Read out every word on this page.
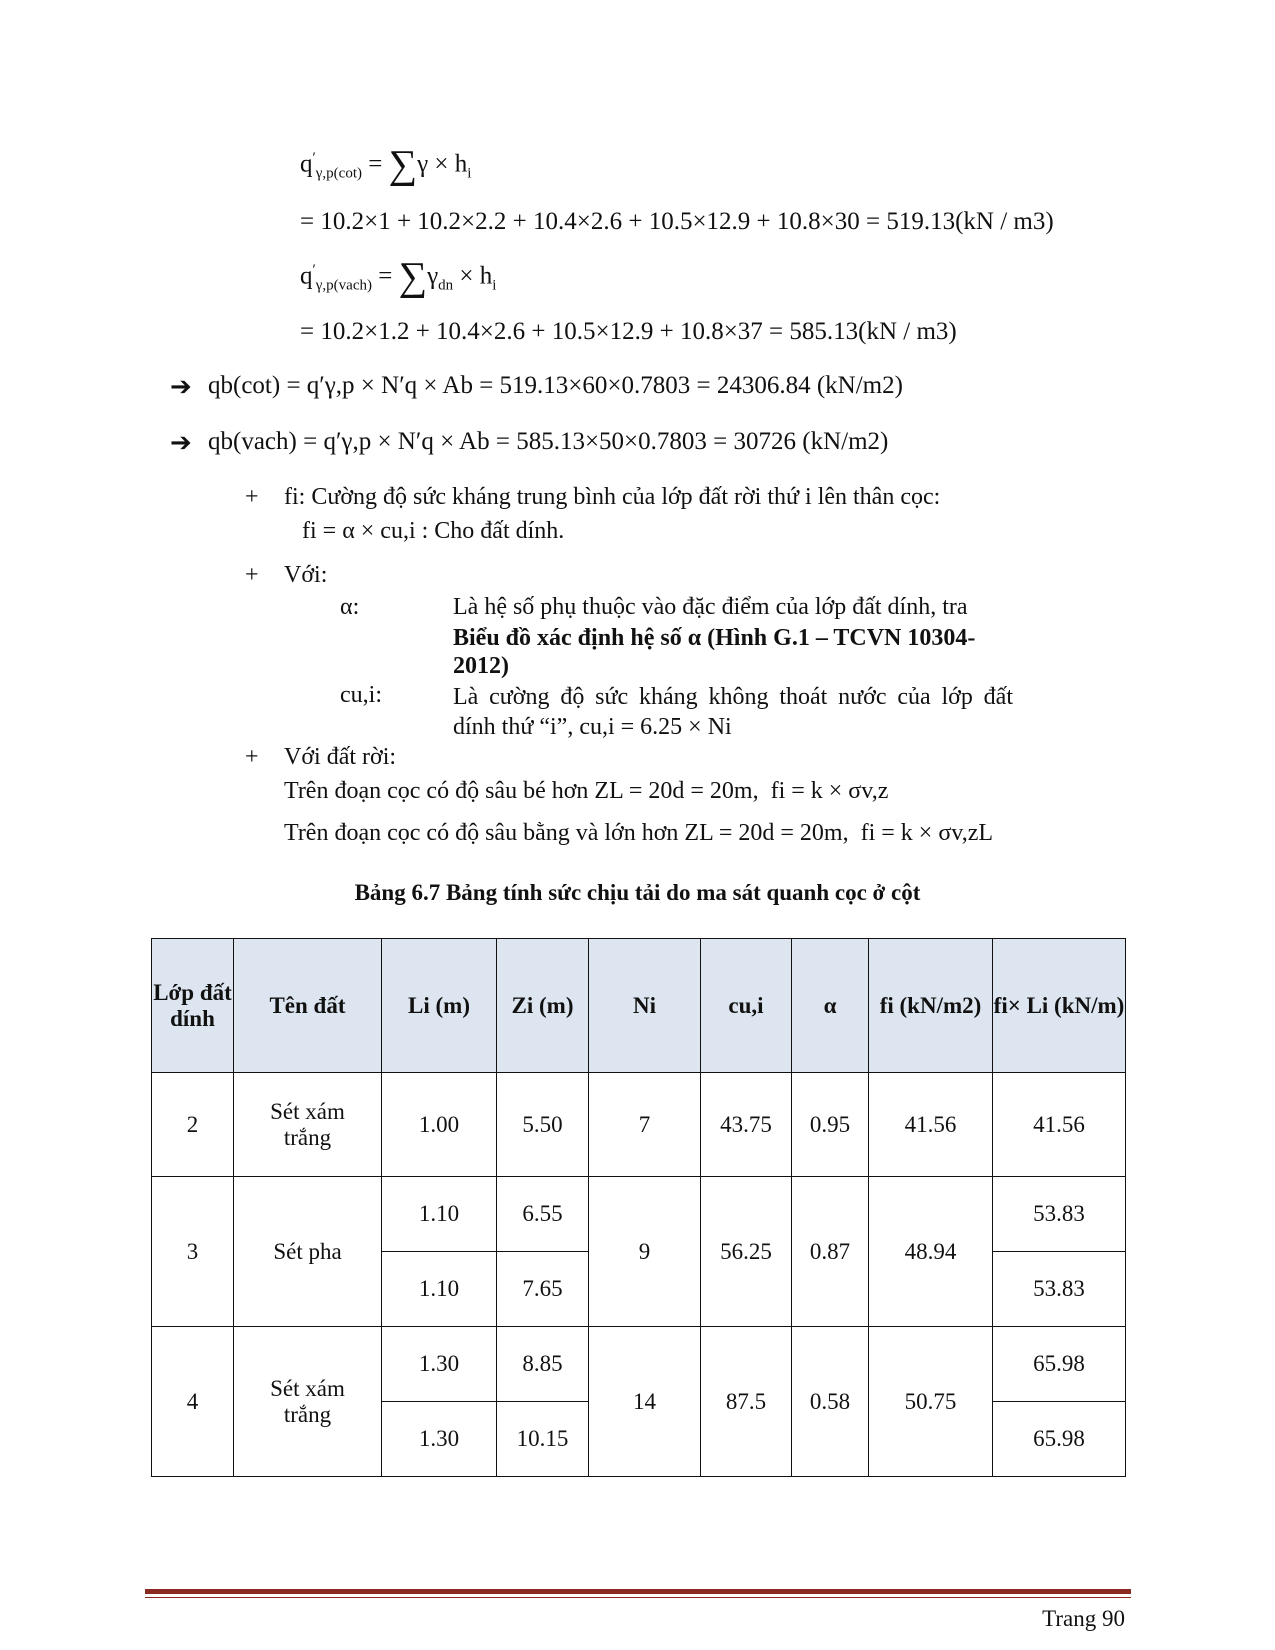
$q'_{\gamma,p(cot)} = \sum\gamma \times h_i$
= 10.2×1 + 10.2×2.2 + 10.4×2.6 + 10.5×12.9 + 10.8×30 = 519.13(kN / m3)
$q'_{\gamma,p(vach)} = \sum\gamma_{dn} \times h_i$
= 10.2×1.2 + 10.4×2.6 + 10.5×12.9 + 10.8×37 = 585.13(kN / m3)
➔ qb(cot) = q′γ,p × N′q × Ab = 519.13×60×0.7803 = 24306.84 (kN/m2)
➔ qb(vach) = q′γ,p × N′q × Ab = 585.13×50×0.7803 = 30726 (kN/m2)
+ fi: Cường độ sức kháng trung bình của lớp đất rời thứ i lên thân cọc:
fi = α × cu,i : Cho đất dính.
+ Với:
α:	Là hệ số phụ thuộc vào đặc điểm của lớp đất dính, tra
Biểu đồ xác định hệ số α (Hình G.1 – TCVN 10304-2012)
cu,i:	Là cường độ sức kháng không thoát nước của lớp đất dính thứ “i”, cu,i = 6.25 × Ni
+ Với đất rời:
Trên đoạn cọc có độ sâu bé hơn ZL = 20d = 20m, fi = k × σv,z
Trên đoạn cọc có độ sâu bằng và lớn hơn ZL = 20d = 20m, fi = k × σv,zL
Bảng 6.7 Bảng tính sức chịu tải do ma sát quanh cọc ở cột
Lớp đất dính	Tên đất	Li (m)	Zi (m)	Ni	cu,i	α	fi (kN/m2)	fi× Li (kN/m)
2	Sét xám trắng	1.00	5.50	7	43.75	0.95	41.56	41.56
3	Sét pha	1.10	6.55	9	56.25	0.87	48.94	53.83
		1.10	7.65					53.83
4	Sét xám trắng	1.30	8.85	14	87.5	0.58	50.75	65.98
		1.30	10.15					65.98
Trang 90
